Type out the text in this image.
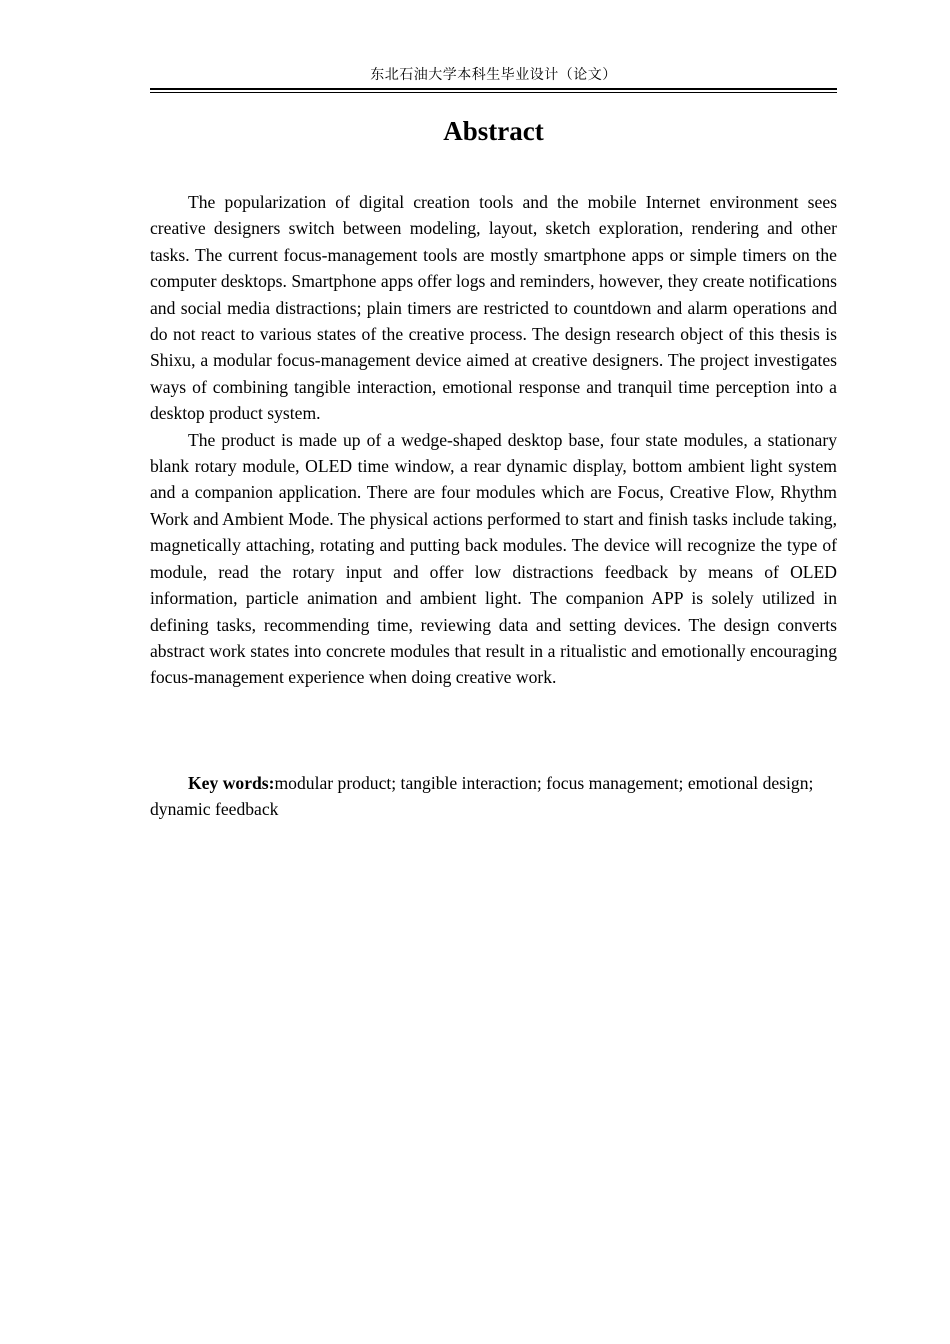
东北石油大学本科生毕业设计（论文）
Abstract

The popularization of digital creation tools and the mobile Internet environment sees creative designers switch between modeling, layout, sketch exploration, rendering and other tasks. The current focus-management tools are mostly smartphone apps or simple timers on the computer desktops. Smartphone apps offer logs and reminders, however, they create notifications and social media distractions; plain timers are restricted to countdown and alarm operations and do not react to various states of the creative process. The design research object of this thesis is Shixu, a modular focus-management device aimed at creative designers. The project investigates ways of combining tangible interaction, emotional response and tranquil time perception into a desktop product system.

The product is made up of a wedge-shaped desktop base, four state modules, a stationary blank rotary module, OLED time window, a rear dynamic display, bottom ambient light system and a companion application. There are four modules which are Focus, Creative Flow, Rhythm Work and Ambient Mode. The physical actions performed to start and finish tasks include taking, magnetically attaching, rotating and putting back modules. The device will recognize the type of module, read the rotary input and offer low distractions feedback by means of OLED information, particle animation and ambient light. The companion APP is solely utilized in defining tasks, recommending time, reviewing data and setting devices. The design converts abstract work states into concrete modules that result in a ritualistic and emotionally encouraging focus-management experience when doing creative work.

Key words:modular product; tangible interaction; focus management; emotional design; dynamic feedback
